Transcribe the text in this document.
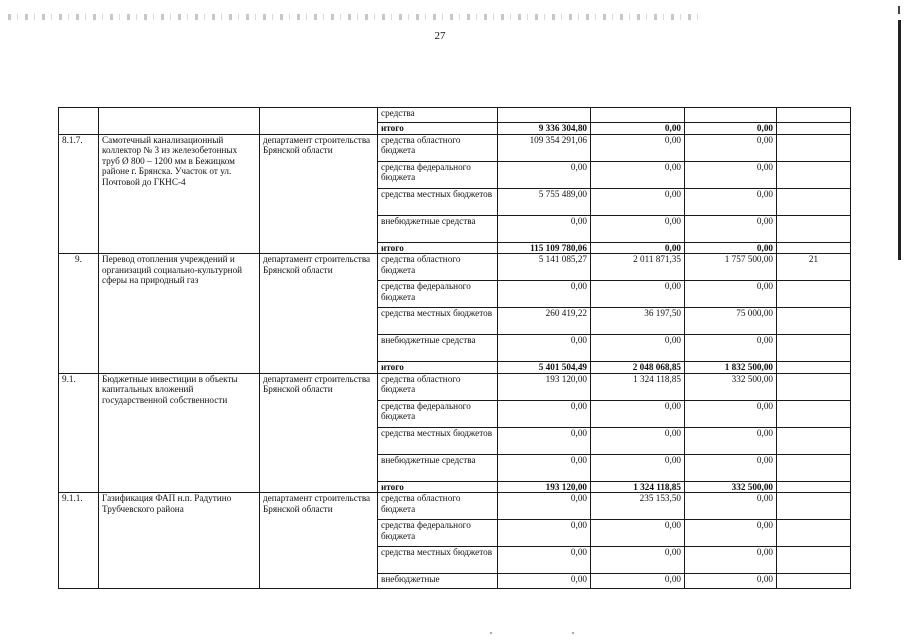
27
			средства				
			итого	9 336 304,80	0,00	0,00	
8.1.7.	Самотечный канализационный коллектор № 3 из железобетонных труб Ø 800 – 1200 мм в Бежицком районе г. Брянска. Участок от ул. Почтовой до ГКНС-4	департамент строительства Брянской области	средства областного бюджета	109 354 291,06	0,00	0,00	
			средства федерального бюджета	0,00	0,00	0,00	
			средства местных бюджетов	5 755 489,00	0,00	0,00	
			внебюджетные средства	0,00	0,00	0,00	
			итого	115 109 780,06	0,00	0,00	
9.	Перевод отопления учреждений и организаций социально-культурной сферы на природный газ	департамент строительства Брянской области	средства областного бюджета	5 141 085,27	2 011 871,35	1 757 500,00	21
			средства федерального бюджета	0,00	0,00	0,00	
			средства местных бюджетов	260 419,22	36 197,50	75 000,00	
			внебюджетные средства	0,00	0,00	0,00	
			итого	5 401 504,49	2 048 068,85	1 832 500,00	
9.1.	Бюджетные инвестиции в объекты капитальных вложений государственной собственности	департамент строительства Брянской области	средства областного бюджета	193 120,00	1 324 118,85	332 500,00	
			средства федерального бюджета	0,00	0,00	0,00	
			средства местных бюджетов	0,00	0,00	0,00	
			внебюджетные средства	0,00	0,00	0,00	
			итого	193 120,00	1 324 118,85	332 500,00	
9.1.1.	Газификация ФАП н.п. Радутино Трубчевского района	департамент строительства Брянской области	средства областного бюджета	0,00	235 153,50	0,00	
			средства федерального бюджета	0,00	0,00	0,00	
			средства местных бюджетов	0,00	0,00	0,00	
			внебюджетные	0,00	0,00	0,00	
